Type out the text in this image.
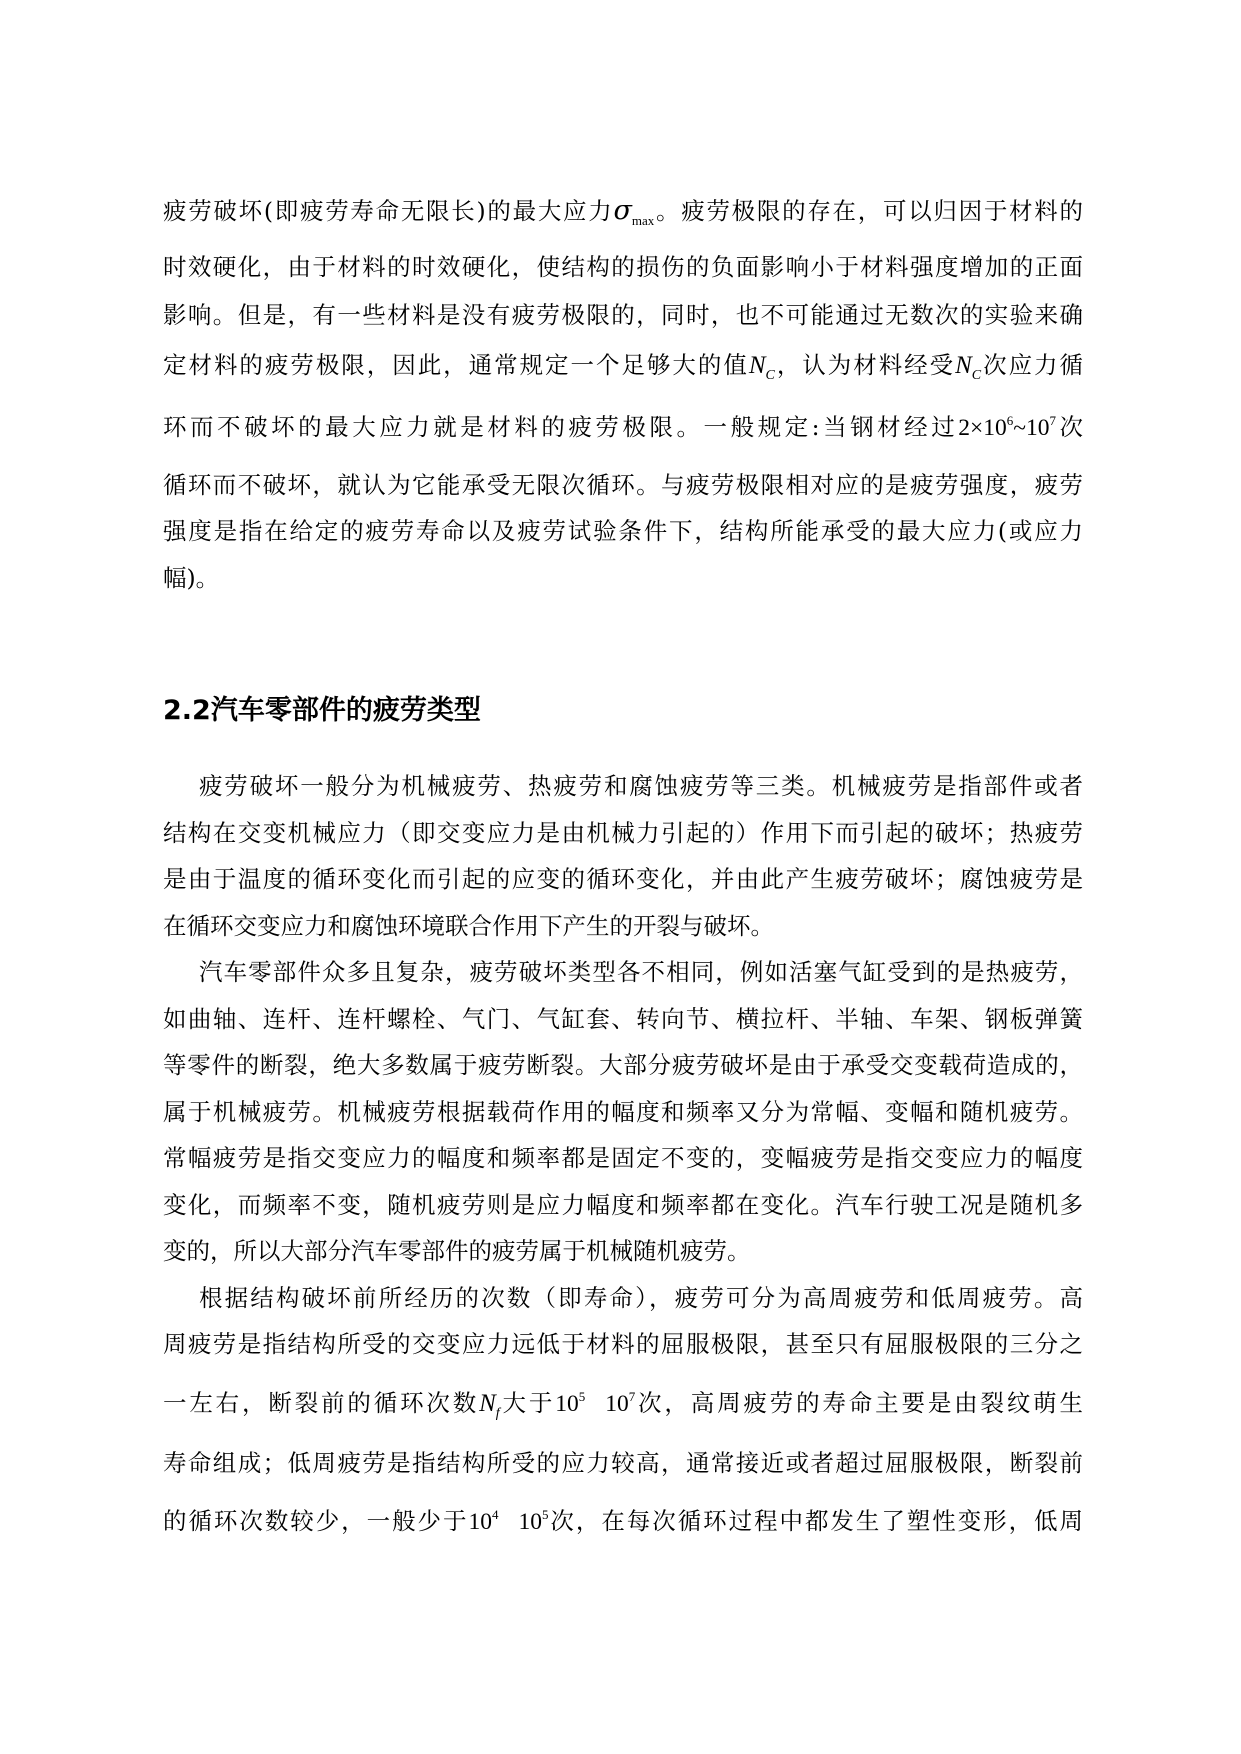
疲劳破坏(即疲劳寿命无限长)的最大应力$\sigma_{max}$。疲劳极限的存在，可以归因于材料的
时效硬化，由于材料的时效硬化，使结构的损伤的负面影响小于材料强度增加的正面
影响。但是，有一些材料是没有疲劳极限的，同时，也不可能通过无数次的实验来确
定材料的疲劳极限，因此，通常规定一个足够大的值$N_C$，认为材料经受$N_C$次应力循
环而不破坏的最大应力就是材料的疲劳极限。一般规定:当钢材经过$2\times 10^6\sim 10^7$次
循环而不破坏，就认为它能承受无限次循环。与疲劳极限相对应的是疲劳强度，疲劳
强度是指在给定的疲劳寿命以及疲劳试验条件下，结构所能承受的最大应力(或应力
幅)。
2.2汽车零部件的疲劳类型
疲劳破坏一般分为机械疲劳、热疲劳和腐蚀疲劳等三类。机械疲劳是指部件或者
结构在交变机械应力（即交变应力是由机械力引起的）作用下而引起的破坏；热疲劳
是由于温度的循环变化而引起的应变的循环变化，并由此产生疲劳破坏；腐蚀疲劳是
在循环交变应力和腐蚀环境联合作用下产生的开裂与破坏。
汽车零部件众多且复杂，疲劳破坏类型各不相同，例如活塞气缸受到的是热疲劳，
如曲轴、连杆、连杆螺栓、气门、气缸套、转向节、横拉杆、半轴、车架、钢板弹簧
等零件的断裂，绝大多数属于疲劳断裂。大部分疲劳破坏是由于承受交变载荷造成的，
属于机械疲劳。机械疲劳根据载荷作用的幅度和频率又分为常幅、变幅和随机疲劳。
常幅疲劳是指交变应力的幅度和频率都是固定不变的，变幅疲劳是指交变应力的幅度
变化，而频率不变，随机疲劳则是应力幅度和频率都在变化。汽车行驶工况是随机多
变的，所以大部分汽车零部件的疲劳属于机械随机疲劳。
根据结构破坏前所经历的次数（即寿命），疲劳可分为高周疲劳和低周疲劳。高
周疲劳是指结构所受的交变应力远低于材料的屈服极限，甚至只有屈服极限的三分之
一左右，断裂前的循环次数$N_f$大于$10^5$ $10^7$次，高周疲劳的寿命主要是由裂纹萌生
寿命组成；低周疲劳是指结构所受的应力较高，通常接近或者超过屈服极限，断裂前
的循环次数较少，一般少于$10^4$ $10^5$次，在每次循环过程中都发生了塑性变形，低周
